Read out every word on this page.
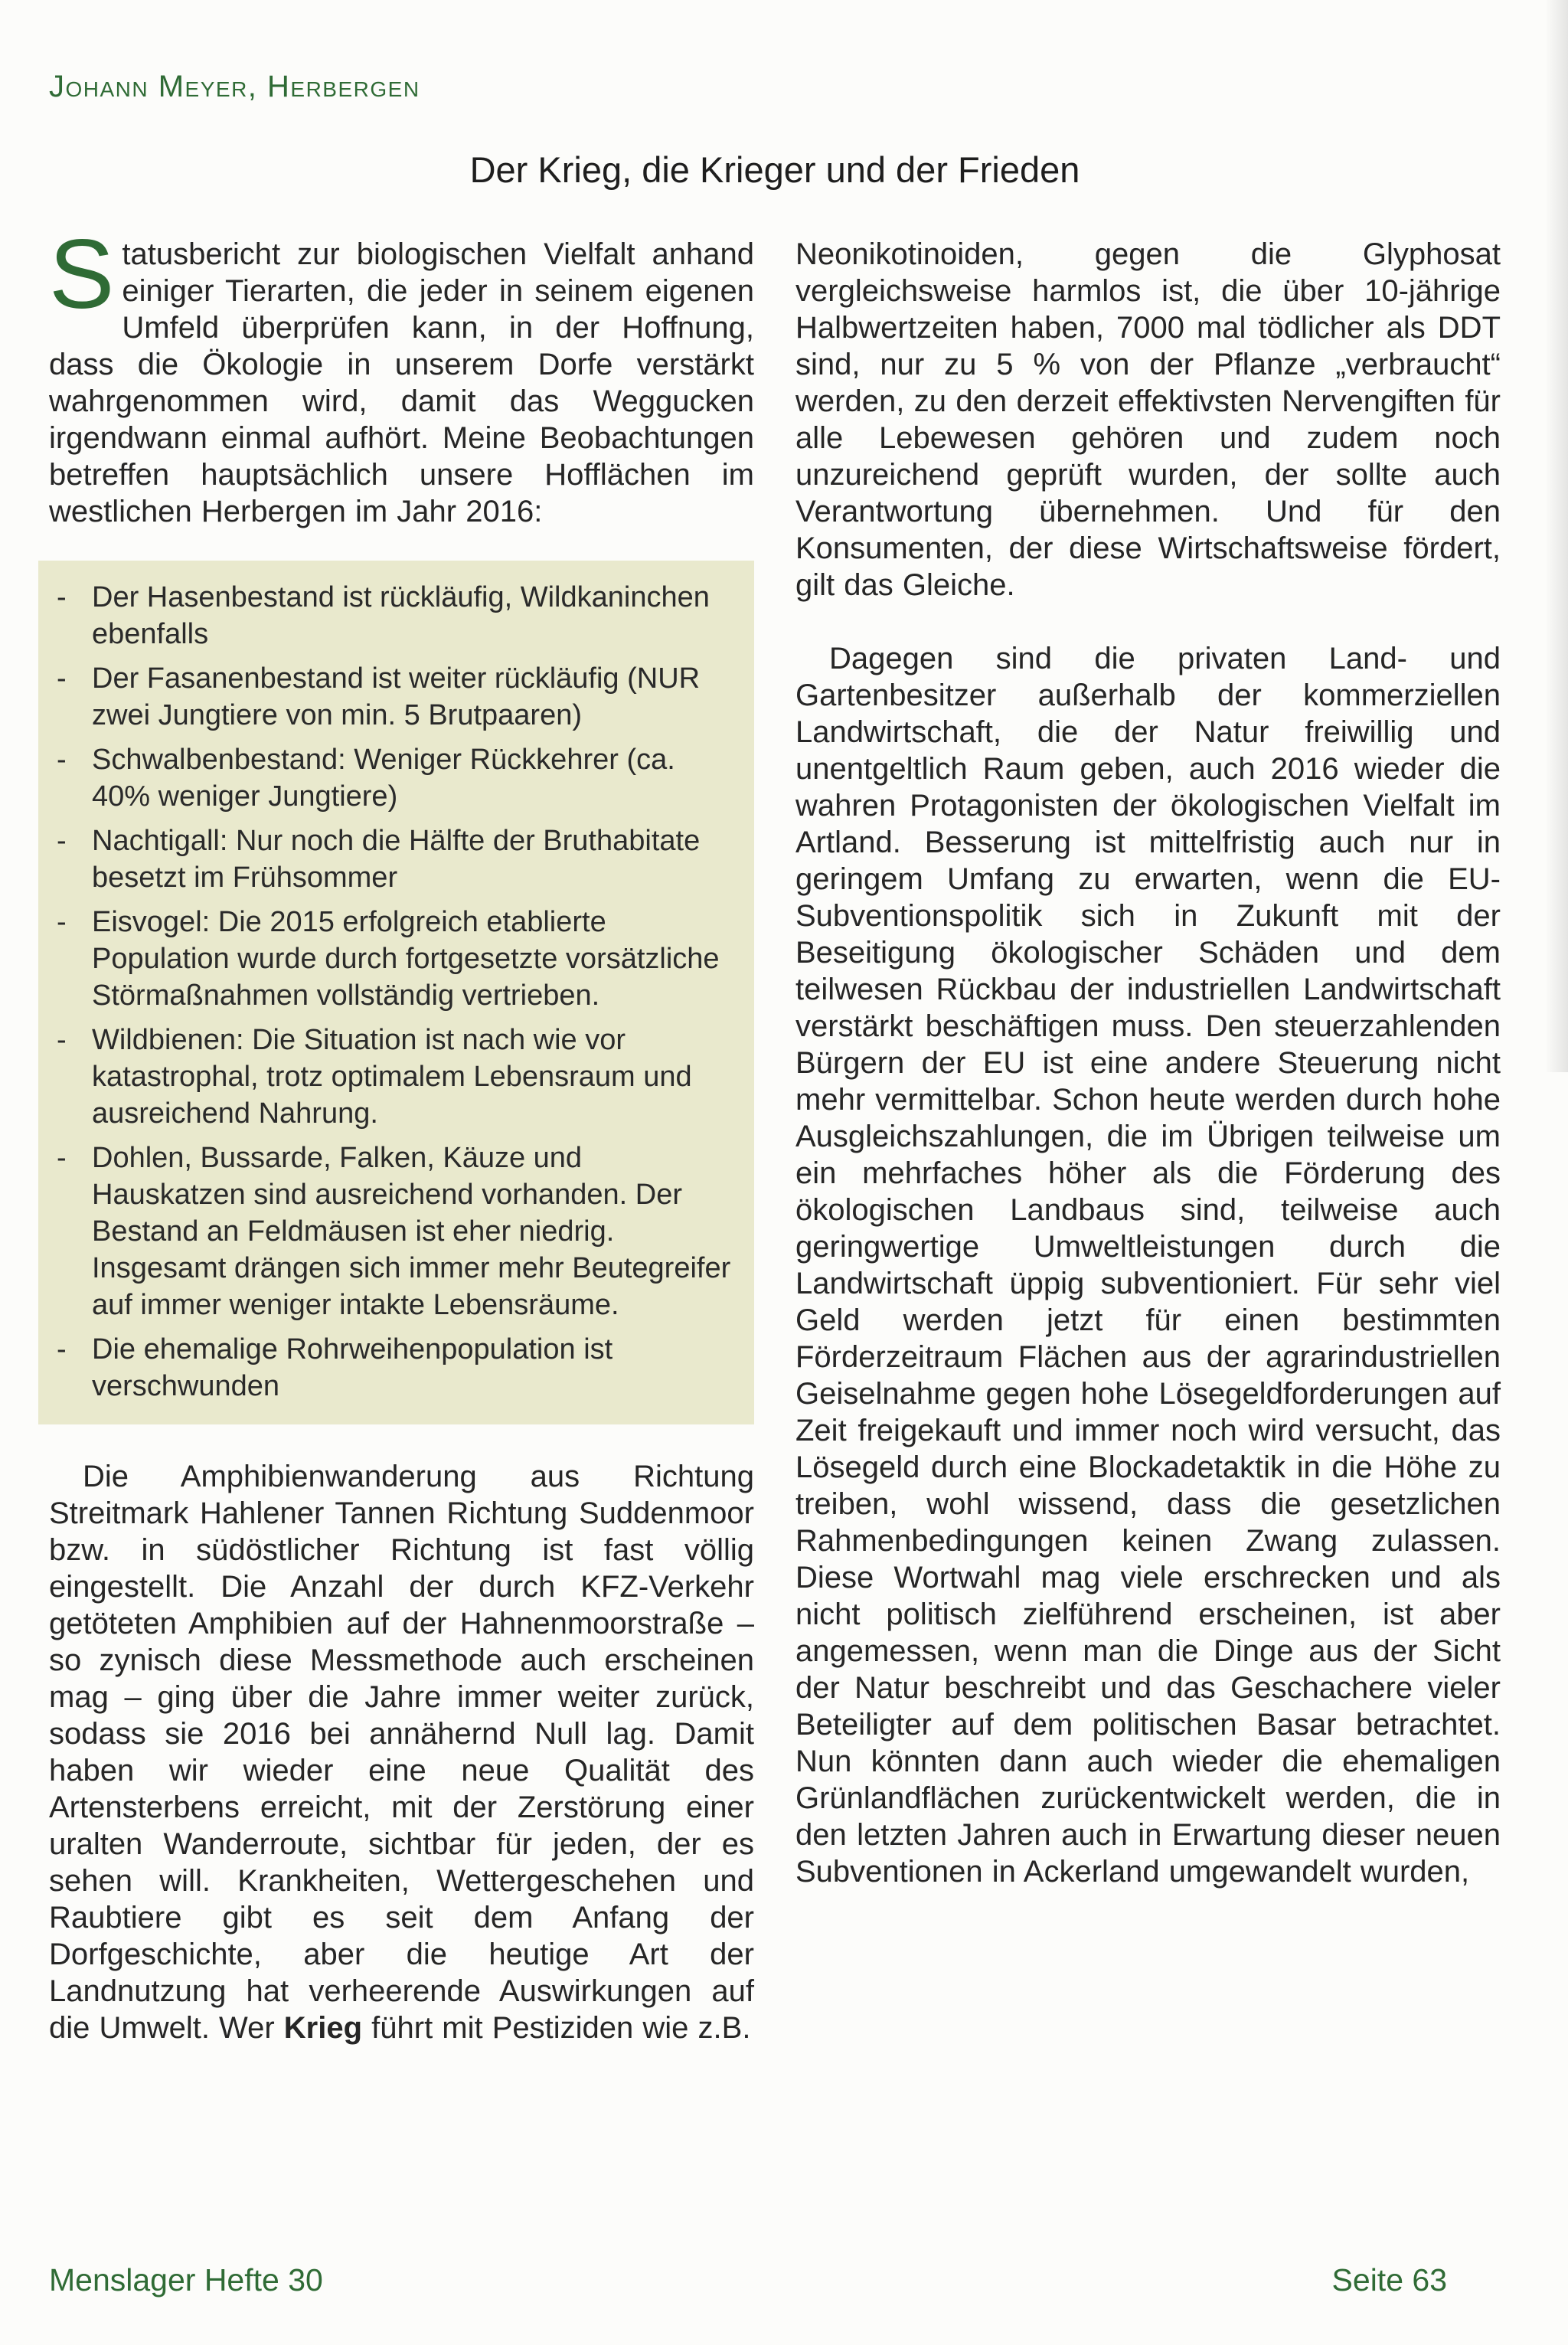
Johann Meyer, Herbergen
Der Krieg, die Krieger und der Frieden

Statusbericht zur biologischen Vielfalt anhand einiger Tierarten, die jeder in seinem eigenen Umfeld überprüfen kann, in der Hoffnung, dass die Ökologie in unserem Dorfe verstärkt wahrgenommen wird, damit das Weggucken irgendwann einmal aufhört. Meine Beobachtungen betreffen hauptsächlich unsere Hofflächen im westlichen Herbergen im Jahr 2016:

- Der Hasenbestand ist rückläufig, Wildkaninchen ebenfalls
- Der Fasanenbestand ist weiter rückläufig (NUR zwei Jungtiere von min. 5 Brutpaaren)
- Schwalbenbestand: Weniger Rückkehrer (ca. 40% weniger Jungtiere)
- Nachtigall: Nur noch die Hälfte der Bruthabitate besetzt im Frühsommer
- Eisvogel: Die 2015 erfolgreich etablierte Population wurde durch fortgesetzte vorsätzliche Störmaßnahmen vollständig vertrieben.
- Wildbienen: Die Situation ist nach wie vor katastrophal, trotz optimalem Lebensraum und ausreichend Nahrung.
- Dohlen, Bussarde, Falken, Käuze und Hauskatzen sind ausreichend vorhanden. Der Bestand an Feldmäusen ist eher niedrig. Insgesamt drängen sich immer mehr Beutegreifer auf immer weniger intakte Lebensräume.
- Die ehemalige Rohrweihenpopulation ist verschwunden

Die Amphibienwanderung aus Richtung Streitmark Hahlener Tannen Richtung Suddenmoor bzw. in südöstlicher Richtung ist fast völlig eingestellt. Die Anzahl der durch KFZ-Verkehr getöteten Amphibien auf der Hahnenmoorstraße – so zynisch diese Messmethode auch erscheinen mag – ging über die Jahre immer weiter zurück, sodass sie 2016 bei annähernd Null lag. Damit haben wir wieder eine neue Qualität des Artensterbens erreicht, mit der Zerstörung einer uralten Wanderroute, sichtbar für jeden, der es sehen will. Krankheiten, Wettergeschehen und Raubtiere gibt es seit dem Anfang der Dorfgeschichte, aber die heutige Art der Landnutzung hat verheerende Auswirkungen auf die Umwelt. Wer Krieg führt mit Pestiziden wie z.B.

Neonikotinoiden, gegen die Glyphosat vergleichsweise harmlos ist, die über 10-jährige Halbwertzeiten haben, 7000 mal tödlicher als DDT sind, nur zu 5 % von der Pflanze „verbraucht“ werden, zu den derzeit effektivsten Nervengiften für alle Lebewesen gehören und zudem noch unzureichend geprüft wurden, der sollte auch Verantwortung übernehmen. Und für den Konsumenten, der diese Wirtschaftsweise fördert, gilt das Gleiche.

Dagegen sind die privaten Land- und Gartenbesitzer außerhalb der kommerziellen Landwirtschaft, die der Natur freiwillig und unentgeltlich Raum geben, auch 2016 wieder die wahren Protagonisten der ökologischen Vielfalt im Artland. Besserung ist mittelfristig auch nur in geringem Umfang zu erwarten, wenn die EU-Subventionspolitik sich in Zukunft mit der Beseitigung ökologischer Schäden und dem teilwesen Rückbau der industriellen Landwirtschaft verstärkt beschäftigen muss. Den steuerzahlenden Bürgern der EU ist eine andere Steuerung nicht mehr vermittelbar. Schon heute werden durch hohe Ausgleichszahlungen, die im Übrigen teilweise um ein mehrfaches höher als die Förderung des ökologischen Landbaus sind, teilweise auch geringwertige Umweltleistungen durch die Landwirtschaft üppig subventioniert. Für sehr viel Geld werden jetzt für einen bestimmten Förderzeitraum Flächen aus der agrarindustriellen Geiselnahme gegen hohe Lösegeldforderungen auf Zeit freigekauft und immer noch wird versucht, das Lösegeld durch eine Blockadetaktik in die Höhe zu treiben, wohl wissend, dass die gesetzlichen Rahmenbedingungen keinen Zwang zulassen. Diese Wortwahl mag viele erschrecken und als nicht politisch zielführend erscheinen, ist aber angemessen, wenn man die Dinge aus der Sicht der Natur beschreibt und das Geschachere vieler Beteiligter auf dem politischen Basar betrachtet. Nun könnten dann auch wieder die ehemaligen Grünlandflächen zurückentwickelt werden, die in den letzten Jahren auch in Erwartung dieser neuen Subventionen in Ackerland umgewandelt wurden,

Menslager Hefte 30	Seite 63
